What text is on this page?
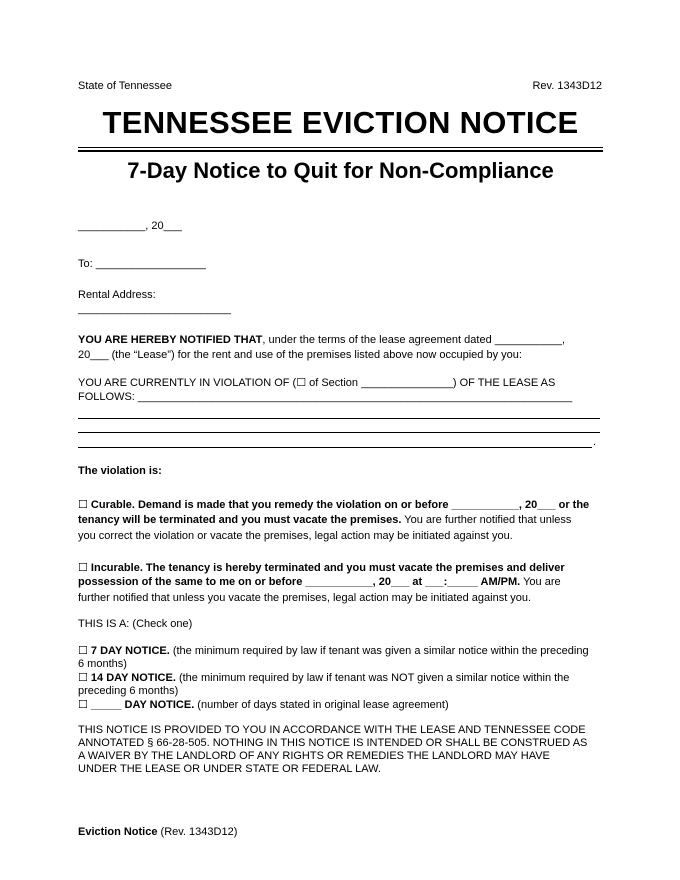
State of Tennessee	Rev. 1343D12
TENNESSEE EVICTION NOTICE
7-Day Notice to Quit for Non-Compliance
___________, 20___
To: __________________
Rental Address:
_________________________
YOU ARE HEREBY NOTIFIED THAT, under the terms of the lease agreement dated ___________,
20___ (the “Lease”) for the rent and use of the premises listed above now occupied by you:
YOU ARE CURRENTLY IN VIOLATION OF (☐ of Section _______________) OF THE LEASE AS
FOLLOWS: _______________________________________________________________________
.
The violation is:
☐ Curable. Demand is made that you remedy the violation on or before ___________, 20___ or the
tenancy will be terminated and you must vacate the premises. You are further notified that unless
you correct the violation or vacate the premises, legal action may be initiated against you.
☐ Incurable. The tenancy is hereby terminated and you must vacate the premises and deliver
possession of the same to me on or before ___________, 20___ at ___:_____ AM/PM. You are
further notified that unless you vacate the premises, legal action may be initiated against you.
THIS IS A: (Check one)
☐ 7 DAY NOTICE. (the minimum required by law if tenant was given a similar notice within the preceding
6 months)
☐ 14 DAY NOTICE. (the minimum required by law if tenant was NOT given a similar notice within the
preceding 6 months)
☐ _____ DAY NOTICE. (number of days stated in original lease agreement)
THIS NOTICE IS PROVIDED TO YOU IN ACCORDANCE WITH THE LEASE AND TENNESSEE CODE
ANNOTATED § 66-28-505. NOTHING IN THIS NOTICE IS INTENDED OR SHALL BE CONSTRUED AS
A WAIVER BY THE LANDLORD OF ANY RIGHTS OR REMEDIES THE LANDLORD MAY HAVE
UNDER THE LEASE OR UNDER STATE OR FEDERAL LAW.
Eviction Notice (Rev. 1343D12)
